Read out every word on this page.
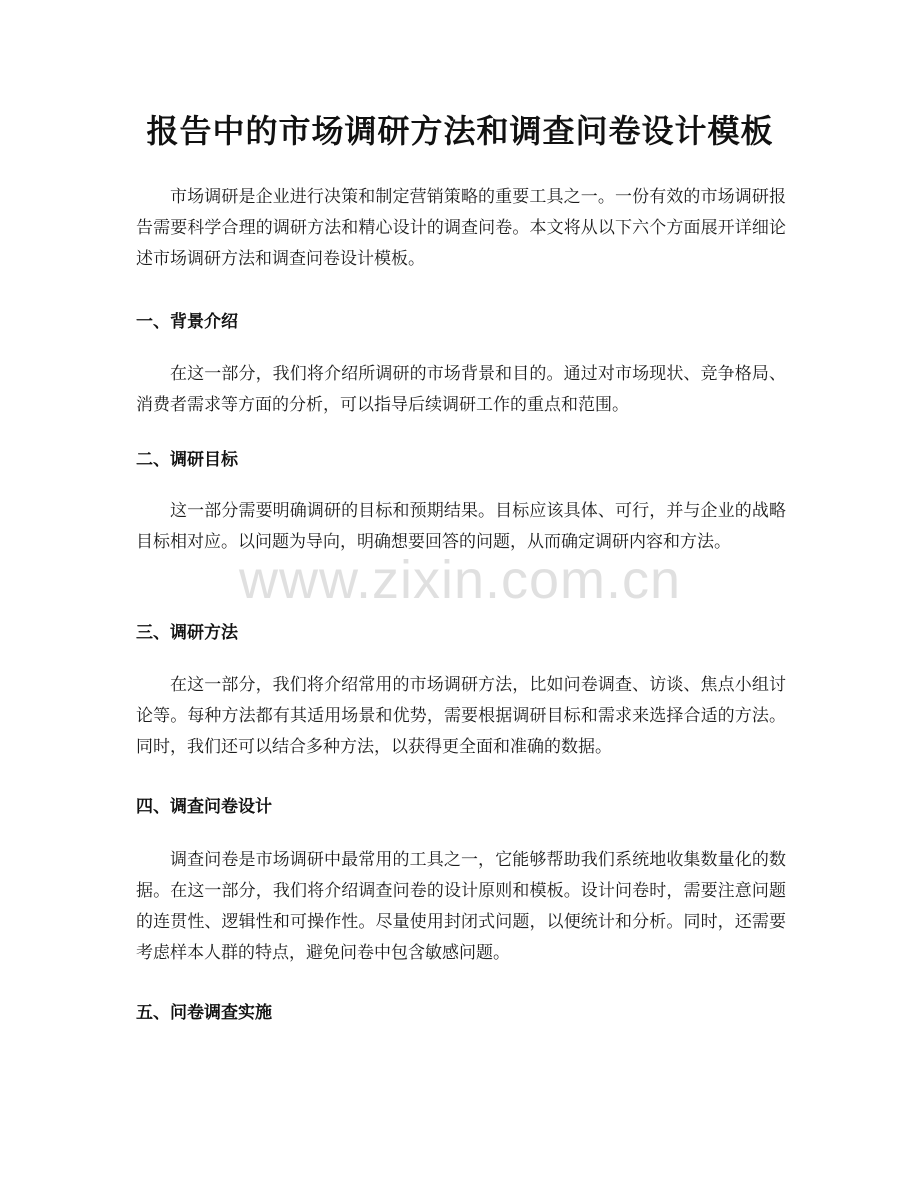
报告中的市场调研方法和调查问卷设计模板

市场调研是企业进行决策和制定营销策略的重要工具之一。一份有效的市场调研报告需要科学合理的调研方法和精心设计的调查问卷。本文将从以下六个方面展开详细论述市场调研方法和调查问卷设计模板。

一、背景介绍

在这一部分，我们将介绍所调研的市场背景和目的。通过对市场现状、竞争格局、消费者需求等方面的分析，可以指导后续调研工作的重点和范围。

二、调研目标

这一部分需要明确调研的目标和预期结果。目标应该具体、可行，并与企业的战略目标相对应。以问题为导向，明确想要回答的问题，从而确定调研内容和方法。

三、调研方法

在这一部分，我们将介绍常用的市场调研方法，比如问卷调查、访谈、焦点小组讨论等。每种方法都有其适用场景和优势，需要根据调研目标和需求来选择合适的方法。同时，我们还可以结合多种方法，以获得更全面和准确的数据。

四、调查问卷设计

调查问卷是市场调研中最常用的工具之一，它能够帮助我们系统地收集数量化的数据。在这一部分，我们将介绍调查问卷的设计原则和模板。设计问卷时，需要注意问题的连贯性、逻辑性和可操作性。尽量使用封闭式问题，以便统计和分析。同时，还需要考虑样本人群的特点，避免问卷中包含敏感问题。

五、问卷调查实施
www.zixin.com.cn
